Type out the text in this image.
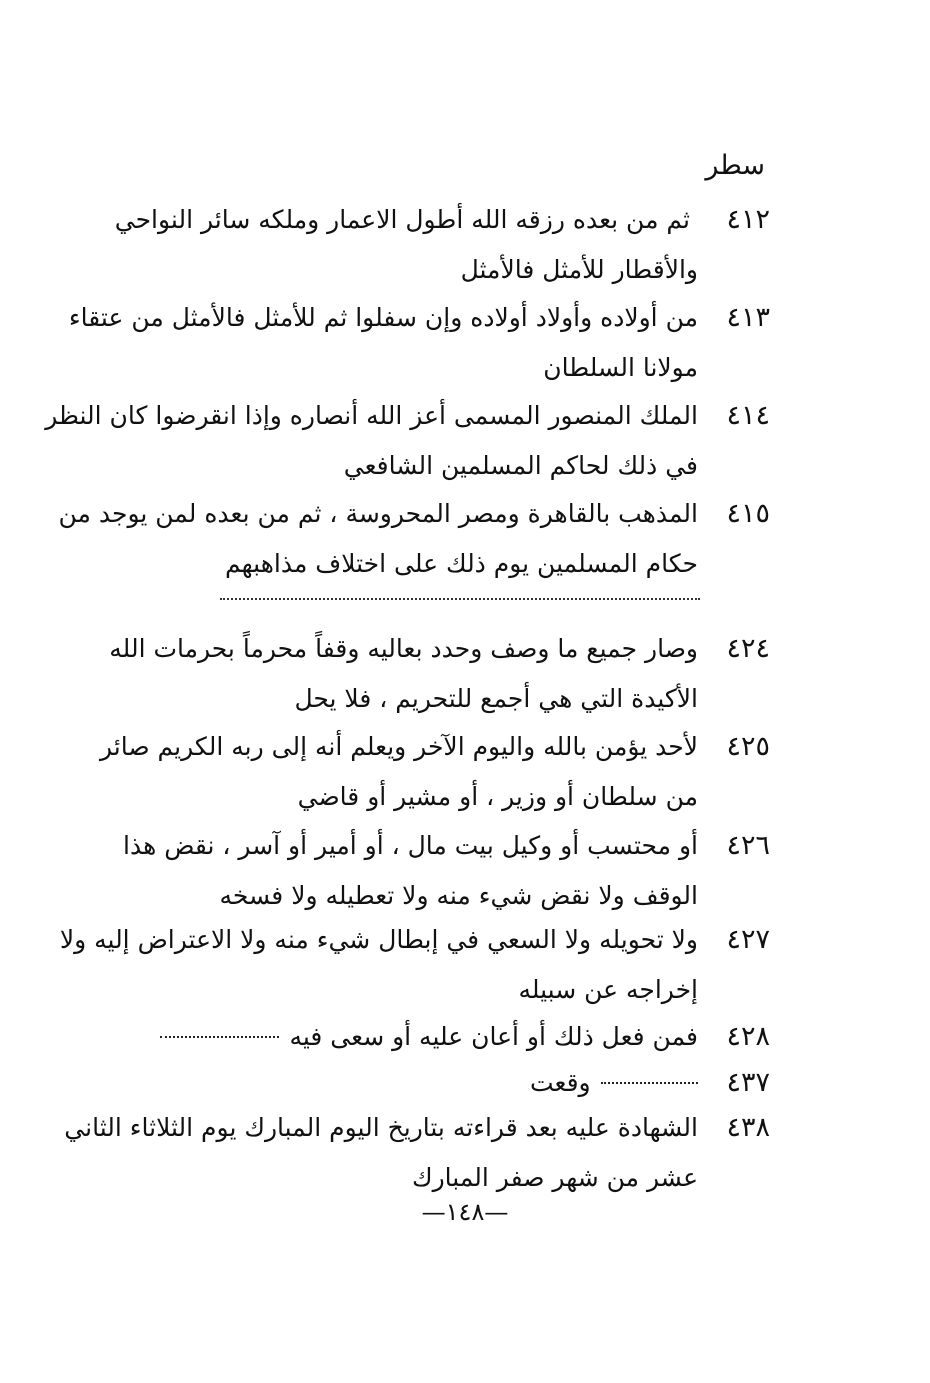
سطر
٤١٢
ثم من بعده رزقه الله أطول الاعمار وملكه سائر النواحي
والأقطار للأمثل فالأمثل
٤١٣
من أولاده وأولاد أولاده وإن سفلوا ثم للأمثل فالأمثل من عتقاء
مولانا السلطان
٤١٤
الملك المنصور المسمى أعز الله أنصاره وإذا انقرضوا كان النظر
في ذلك لحاكم المسلمين الشافعي
٤١٥
المذهب بالقاهرة ومصر المحروسة ، ثم من بعده لمن يوجد من
حكام المسلمين يوم ذلك على اختلاف مذاهبهم
٤٢٤
وصار جميع ما وصف وحدد بعاليه وقفاً محرماً بحرمات الله
الأكيدة التي هي أجمع للتحريم ، فلا يحل
٤٢٥
لأحد يؤمن بالله واليوم الآخر ويعلم أنه إلى ربه الكريم صائر
من سلطان أو وزير ، أو مشير أو قاضي
٤٢٦
أو محتسب أو وكيل بيت مال ، أو أمير أو آسر ، نقض هذا
الوقف ولا نقض شيء منه ولا تعطيله ولا فسخه
٤٢٧
ولا تحويله ولا السعي في إبطال شيء منه ولا الاعتراض إليه ولا
إخراجه عن سبيله
٤٢٨
فمن فعل ذلك أو أعان عليه أو سعى فيه
٤٣٧
وقعت
٤٣٨
الشهادة عليه بعد قراءته بتاريخ اليوم المبارك يوم الثلاثاء الثاني
عشر من شهر صفر المبارك
—١٤٨—
